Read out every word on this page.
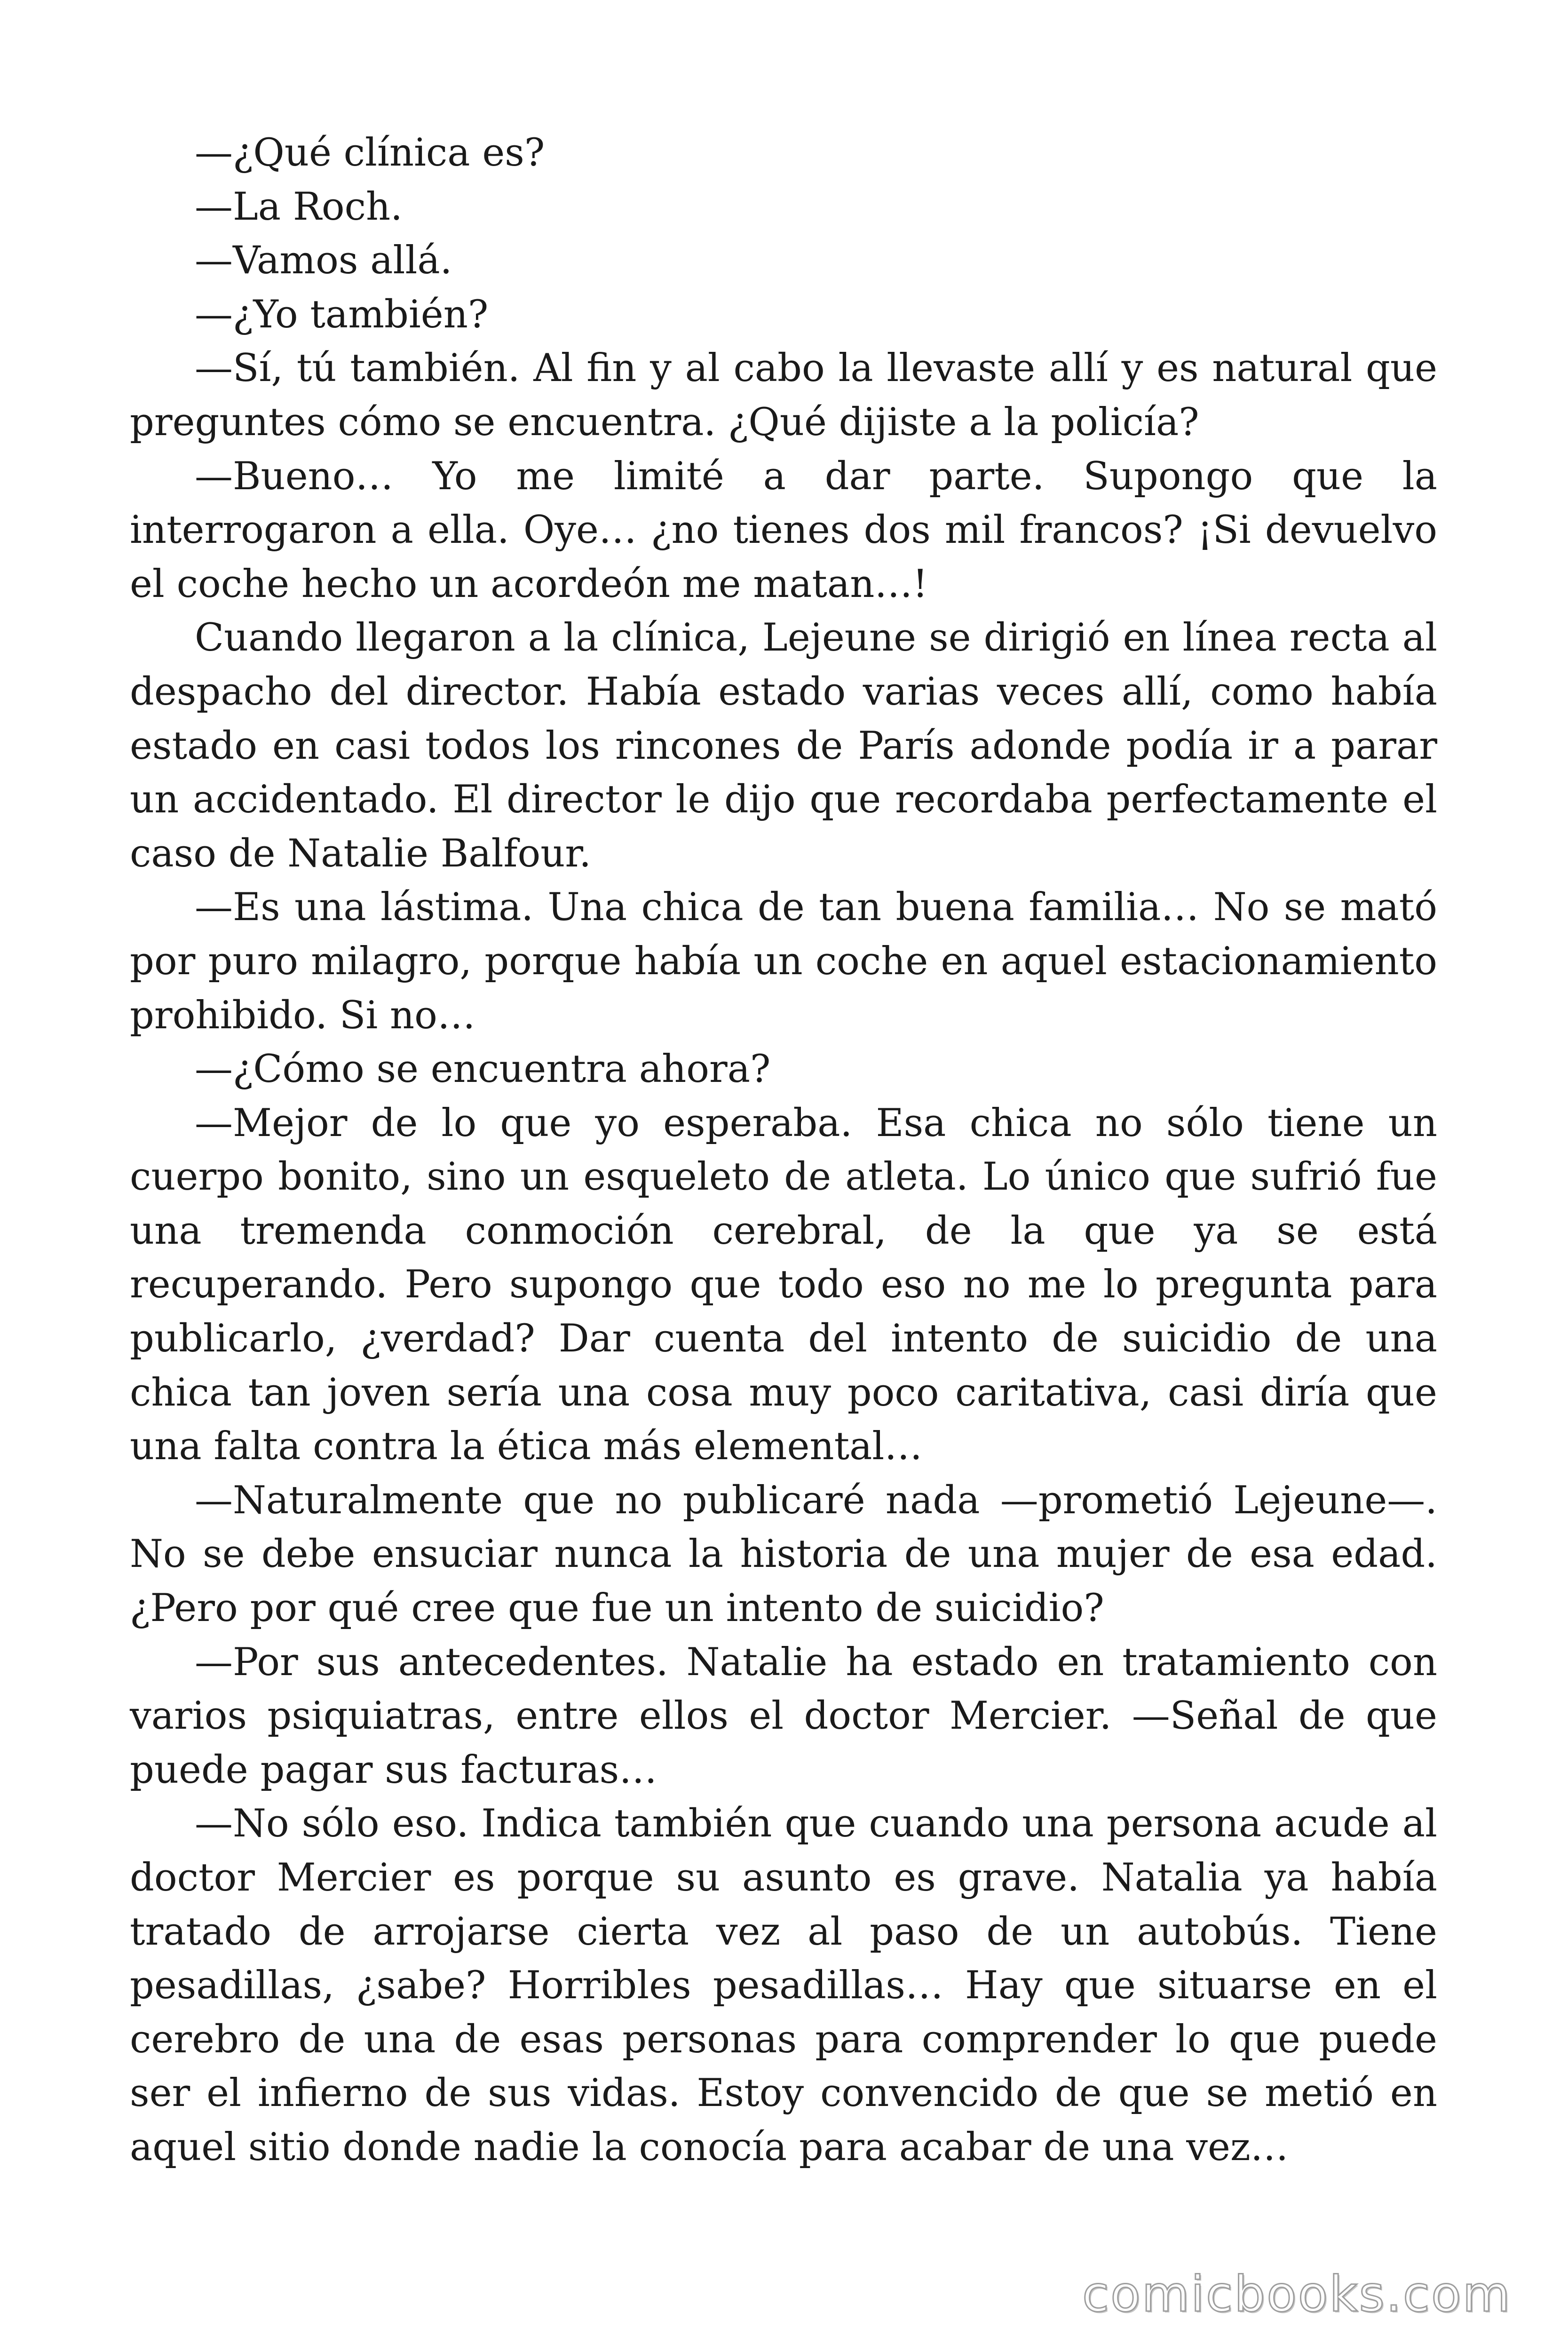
—¿Qué clínica es?

—La Roch.

—Vamos allá.

—¿Yo también?

—Sí, tú también. Al fin y al cabo la llevaste allí y es natural que preguntes cómo se encuentra. ¿Qué dijiste a la policía?

—Bueno… Yo me limité a dar parte. Supongo que la interrogaron a ella. Oye… ¿no tienes dos mil francos? ¡Si devuelvo el coche hecho un acordeón me matan…!

Cuando llegaron a la clínica, Lejeune se dirigió en línea recta al despacho del director. Había estado varias veces allí, como había estado en casi todos los rincones de París adonde podía ir a parar un accidentado. El director le dijo que recordaba perfectamente el caso de Natalie Balfour.

—Es una lástima. Una chica de tan buena familia… No se mató por puro milagro, porque había un coche en aquel estacionamiento prohibido. Si no…

—¿Cómo se encuentra ahora?

—Mejor de lo que yo esperaba. Esa chica no sólo tiene un cuerpo bonito, sino un esqueleto de atleta. Lo único que sufrió fue una tremenda conmoción cerebral, de la que ya se está recuperando. Pero supongo que todo eso no me lo pregunta para publicarlo, ¿verdad? Dar cuenta del intento de suicidio de una chica tan joven sería una cosa muy poco caritativa, casi diría que una falta contra la ética más elemental…

—Naturalmente que no publicaré nada —prometió Lejeune—. No se debe ensuciar nunca la historia de una mujer de esa edad. ¿Pero por qué cree que fue un intento de suicidio?

—Por sus antecedentes. Natalie ha estado en tratamiento con varios psiquiatras, entre ellos el doctor Mercier. —Señal de que puede pagar sus facturas…

—No sólo eso. Indica también que cuando una persona acude al doctor Mercier es porque su asunto es grave. Natalia ya había tratado de arrojarse cierta vez al paso de un autobús. Tiene pesadillas, ¿sabe? Horribles pesadillas… Hay que situarse en el cerebro de una de esas personas para comprender lo que puede ser el infierno de sus vidas. Estoy convencido de que se metió en aquel sitio donde nadie la conocía para acabar de una vez…

comicbooks.com
